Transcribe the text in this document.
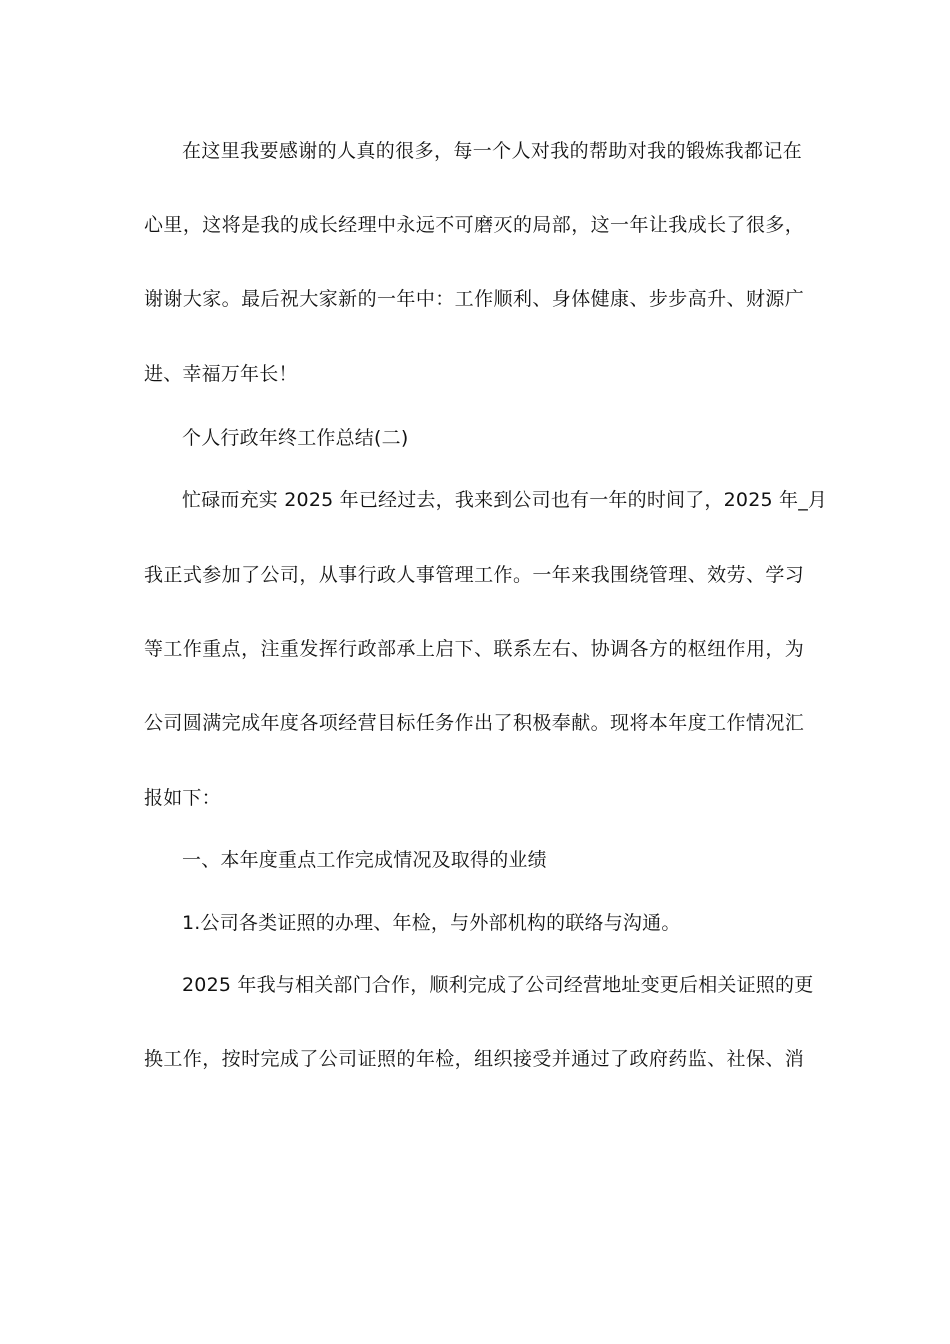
在这里我要感谢的人真的很多，每一个人对我的帮助对我的锻炼我都记在
心里，这将是我的成长经理中永远不可磨灭的局部，这一年让我成长了很多，
谢谢大家。最后祝大家新的一年中：工作顺利、身体健康、步步高升、财源广
进、幸福万年长！
个人行政年终工作总结(二)
忙碌而充实 2025 年已经过去，我来到公司也有一年的时间了，2025 年_月
我正式参加了公司，从事行政人事管理工作。一年来我围绕管理、效劳、学习
等工作重点，注重发挥行政部承上启下、联系左右、协调各方的枢纽作用，为
公司圆满完成年度各项经营目标任务作出了积极奉献。现将本年度工作情况汇
报如下：
一、本年度重点工作完成情况及取得的业绩
1.公司各类证照的办理、年检，与外部机构的联络与沟通。
2025 年我与相关部门合作，顺利完成了公司经营地址变更后相关证照的更
换工作，按时完成了公司证照的年检，组织接受并通过了政府药监、社保、消
